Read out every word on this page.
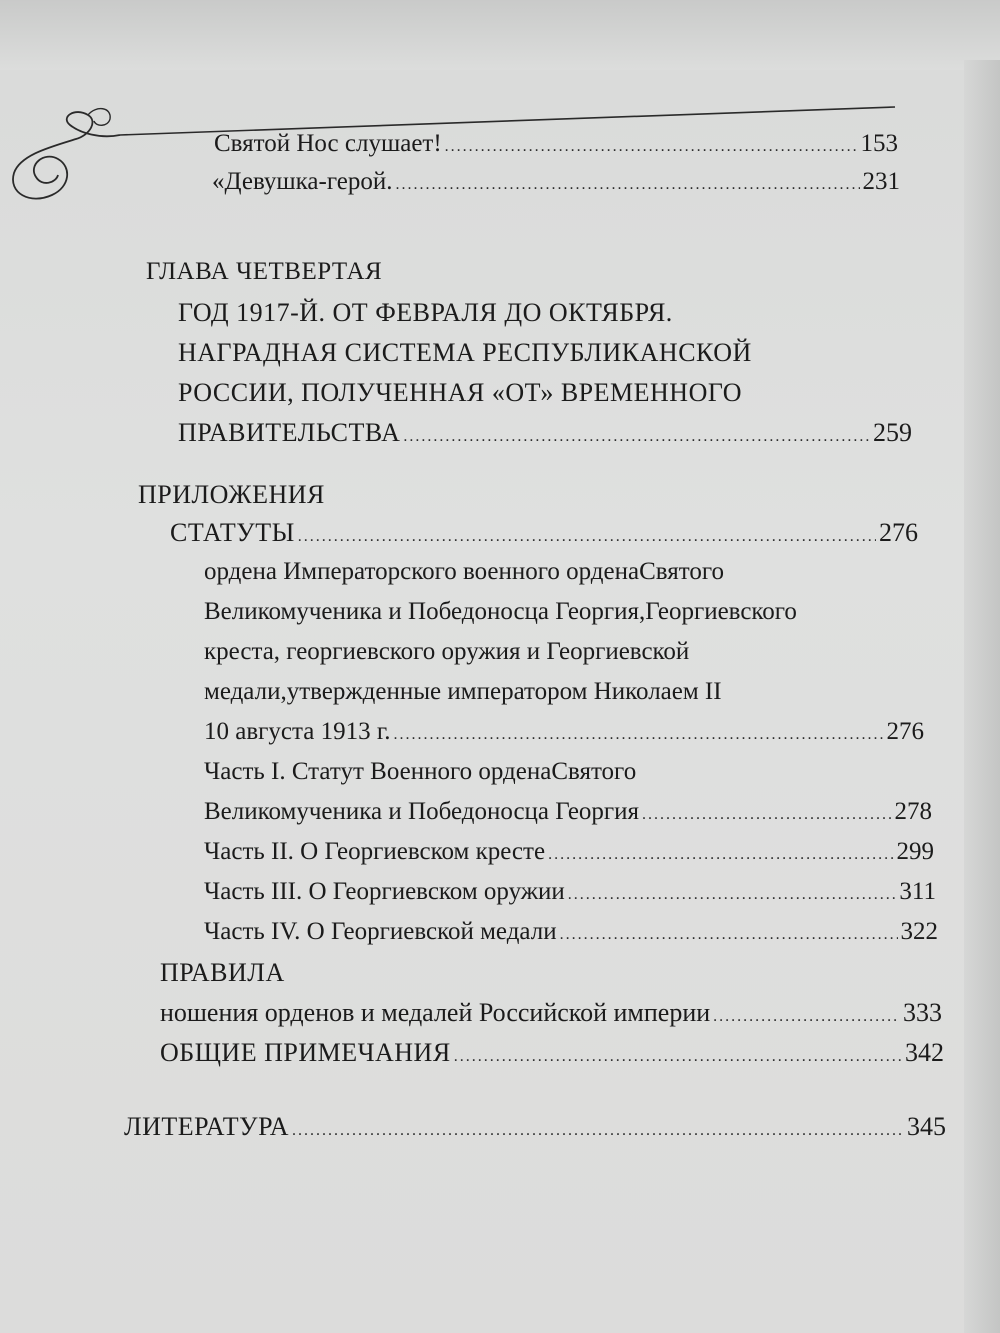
Святой Нос слушает! . . .	153
«Девушка-герой. . . .	231
ГЛАВА ЧЕТВЕРТАЯ
ГОД 1917-Й. ОТ ФЕВРАЛЯ ДО ОКТЯБРЯ.
НАГРАДНАЯ СИСТЕМА РЕСПУБЛИКАНСКОЙ
РОССИИ, ПОЛУЧЕННАЯ «ОТ» ВРЕМЕННОГО
ПРАВИТЕЛЬСТВА . . .	259
ПРИЛОЖЕНИЯ
СТАТУТЫ . . .	276
ордена Императорского военного орденаСвятого
Великомученика и Победоносца Георгия,Георгиевского
креста, георгиевского оружия и Георгиевской
медали,утвержденные императором Николаем II
10 августа 1913 г. . . .	276
Часть I. Статут Военного орденаСвятого
Великомученика и Победоносца Георгия . . .	278
Часть II. О Георгиевском кресте . . .	299
Часть III. О Георгиевском оружии . . .	311
Часть IV. О Георгиевской медали . . .	322
ПРАВИЛА
ношения орденов и медалей Российской империи . . .	333
ОБЩИЕ ПРИМЕЧАНИЯ . . .	342
ЛИТЕРАТУРА . . .	345
